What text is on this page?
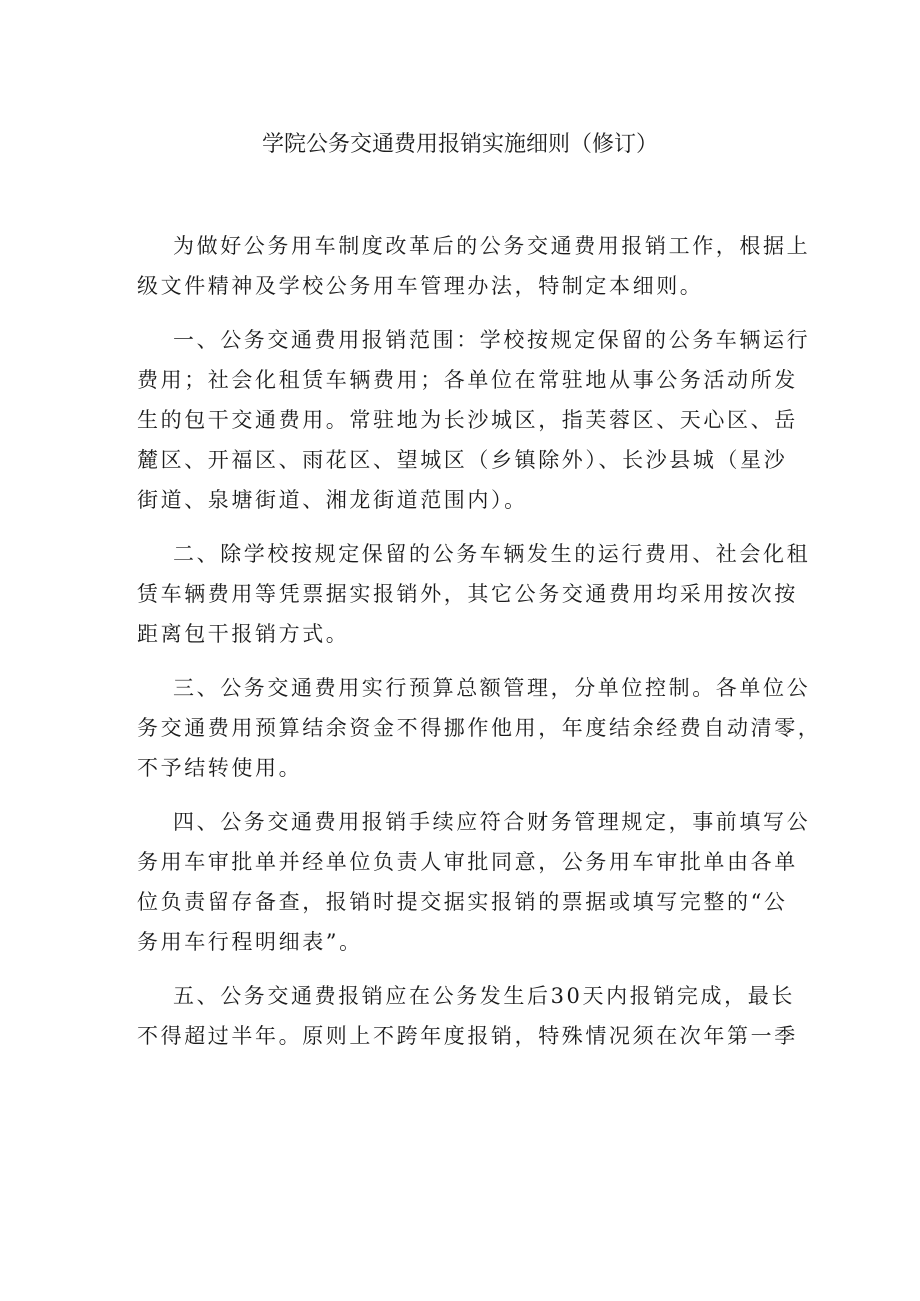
学院公务交通费用报销实施细则（修订）
为做好公务用车制度改革后的公务交通费用报销工作，根据上
级文件精神及学校公务用车管理办法，特制定本细则。
一、公务交通费用报销范围：学校按规定保留的公务车辆运行
费用；社会化租赁车辆费用；各单位在常驻地从事公务活动所发
生的包干交通费用。常驻地为长沙城区，指芙蓉区、天心区、岳
麓区、开福区、雨花区、望城区（乡镇除外）、长沙县城（星沙
街道、泉塘街道、湘龙街道范围内）。
二、除学校按规定保留的公务车辆发生的运行费用、社会化租
赁车辆费用等凭票据实报销外，其它公务交通费用均采用按次按
距离包干报销方式。
三、公务交通费用实行预算总额管理，分单位控制。各单位公
务交通费用预算结余资金不得挪作他用，年度结余经费自动清零，
不予结转使用。
四、公务交通费用报销手续应符合财务管理规定，事前填写公
务用车审批单并经单位负责人审批同意，公务用车审批单由各单
位负责留存备查，报销时提交据实报销的票据或填写完整的“公
务用车行程明细表”。
五、公务交通费报销应在公务发生后30天内报销完成，最长
不得超过半年。原则上不跨年度报销，特殊情况须在次年第一季
